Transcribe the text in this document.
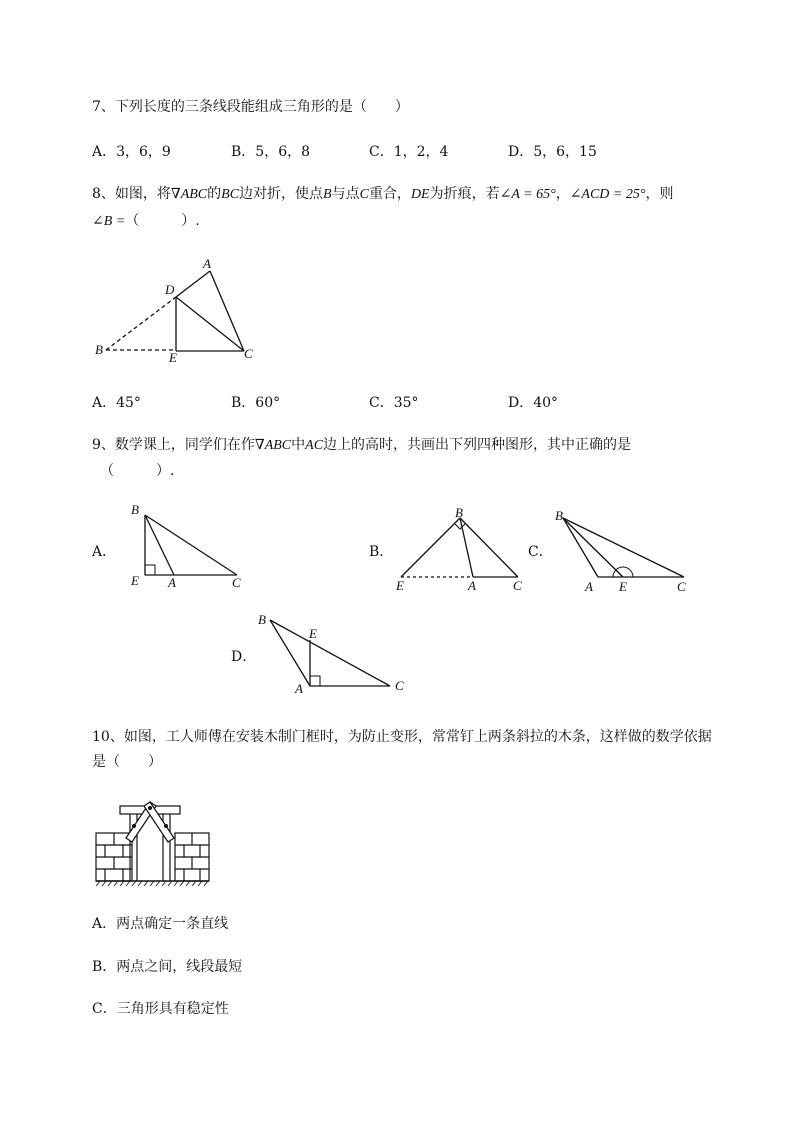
7、下列长度的三条线段能组成三角形的是（　　）
A．3，6，9	B．5，6，8	C．1，2，4	D．5，6，15
8、如图，将∇ABC的BC边对折，使点B与点C重合，DE为折痕，若∠A = 65°，∠ACD = 25°，则
∠B =（　　　）.
A
D
B
E	C
A．45°	B．60°	C．35°	D．40°
9、数学课上，同学们在作∇ABC中AC边上的高时，共画出下列四种图形，其中正确的是
（　　　）.
A．	B．	C．
D．
B
E A	C
B
E	A	C
B
A E	C
B
E
A	C
10、如图，工人师傅在安装木制门框时，为防止变形，常常钉上两条斜拉的木条，这样做的数学依据
是（　　）
A．两点确定一条直线
B．两点之间，线段最短
C．三角形具有稳定性
